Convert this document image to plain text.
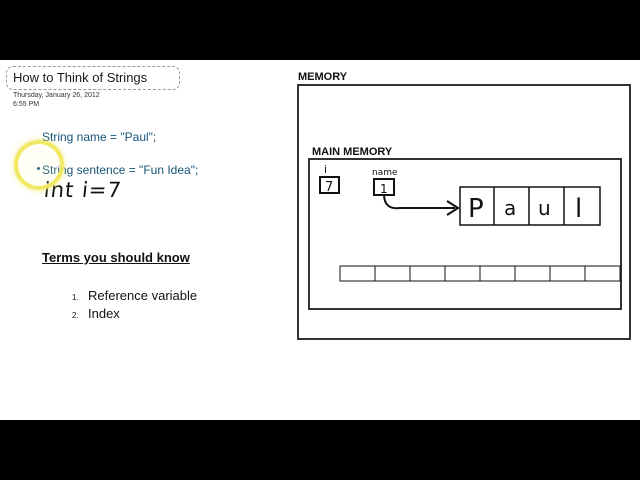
How to Think of Strings
Thursday, January 26, 2012
6:55 PM
String name = "Paul";
String sentence = "Fun Idea";
int i=7
Terms you should know
1. Reference variable
2. Index
MEMORY
MAIN MEMORY
i
7
name
1
P a u l
